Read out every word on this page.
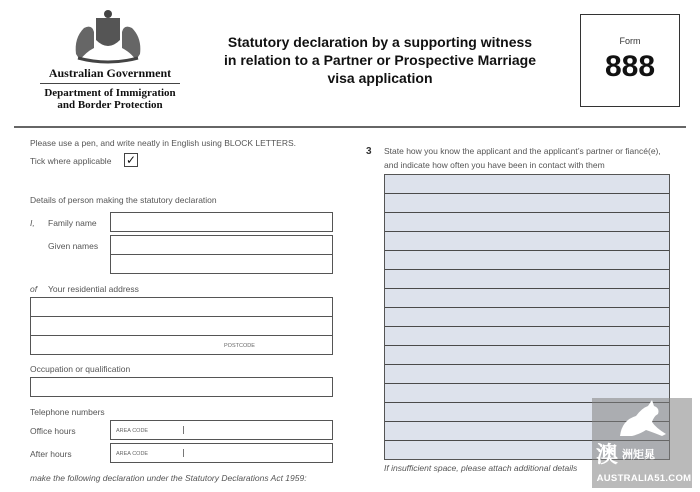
Australian Government
Department of Immigration
and Border Protection
Statutory declaration by a supporting witness
in relation to a Partner or Prospective Marriage
visa application
Form
888
Please use a pen, and write neatly in English using BLOCK LETTERS.
Tick where applicable ✓
Details of person making the statutory declaration
I, Family name
Given names
of Your residential address
POSTCODE
Occupation or qualification
Telephone numbers
Office hours	AREA CODE
After hours	AREA CODE
make the following declaration under the Statutory Declarations Act 1959:
3 State how you know the applicant and the applicant’s partner or fiancé(e),
and indicate how often you have been in contact with them
If insufficient space, please attach additional details
澳 洲矩晁
AUSTRALIA51.COM
